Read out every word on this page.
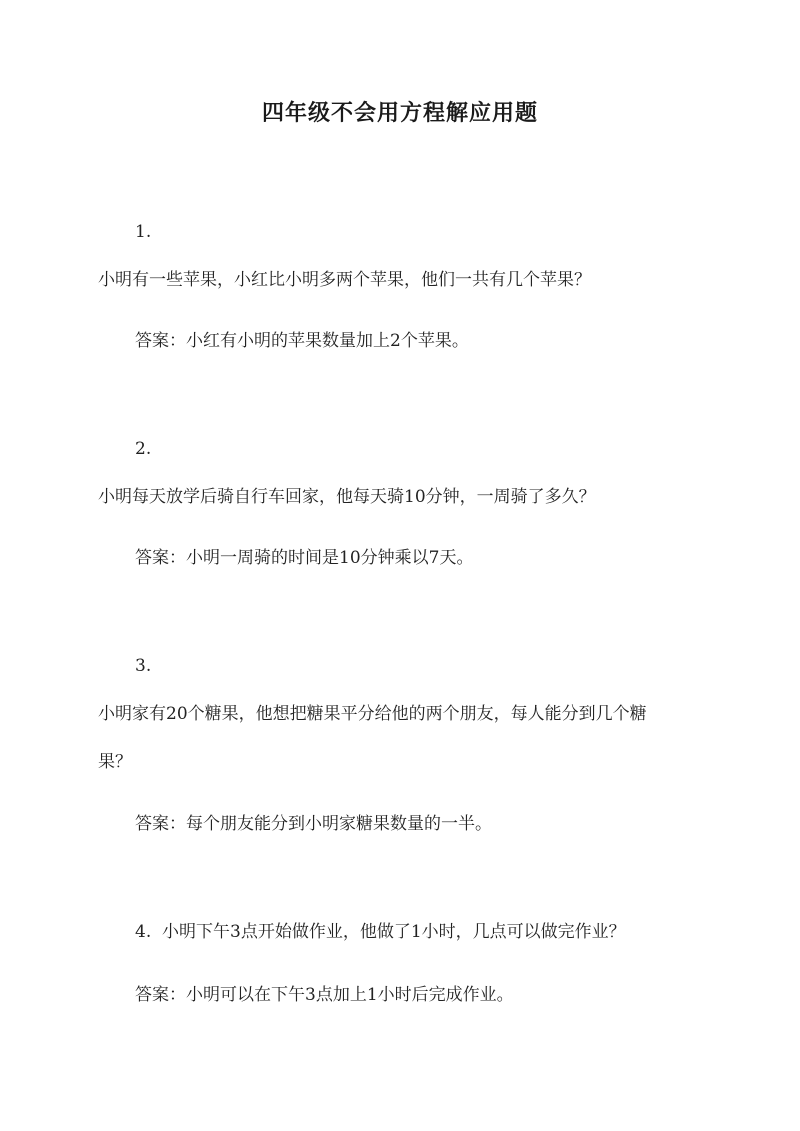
四年级不会用方程解应用题
1.
小明有一些苹果，小红比小明多两个苹果，他们一共有几个苹果？
答案：小红有小明的苹果数量加上2个苹果。
2.
小明每天放学后骑自行车回家，他每天骑10分钟，一周骑了多久？
答案：小明一周骑的时间是10分钟乘以7天。
3.
小明家有20个糖果，他想把糖果平分给他的两个朋友，每人能分到几个糖
果？
答案：每个朋友能分到小明家糖果数量的一半。
4.  小明下午3点开始做作业，他做了1小时，几点可以做完作业？
答案：小明可以在下午3点加上1小时后完成作业。
